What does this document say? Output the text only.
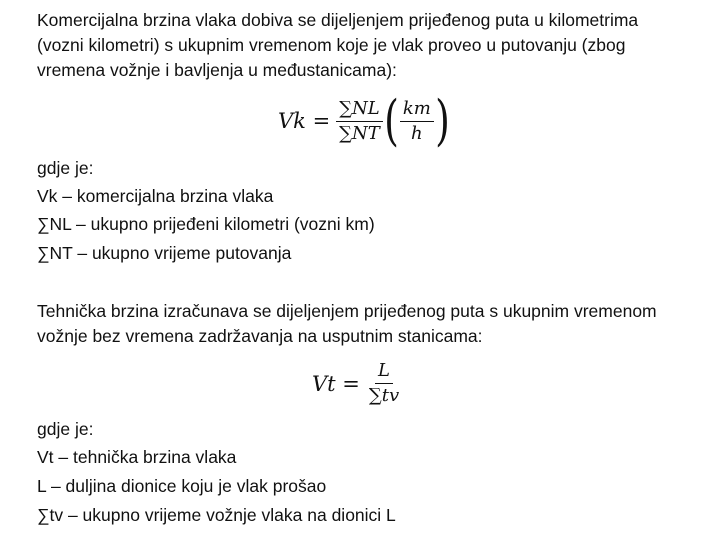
Komercijalna brzina vlaka dobiva se dijeljenjem prijeđenog puta u kilometrima (vozni kilometri) s ukupnim vremenom koje je vlak proveo u putovanju (zbog vremena vožnje i bavljenja u međustanicama):
$Vk = \frac{\sum NL}{\sum NT}$ ( $\frac{km}{h}$ )
gdje je:
Vk – komercijalna brzina vlaka
∑NL – ukupno prijeđeni kilometri (vozni km)
∑NT – ukupno vrijeme putovanja
Tehnička brzina izračunava se dijeljenjem prijeđenog puta s ukupnim vremenom vožnje bez vremena zadržavanja na usputnim stanicama:
$Vt = \frac{L}{\sum tv}$
gdje je:
Vt – tehnička brzina vlaka
L – duljina dionice koju je vlak prošao
∑tv – ukupno vrijeme vožnje vlaka na dionici L
